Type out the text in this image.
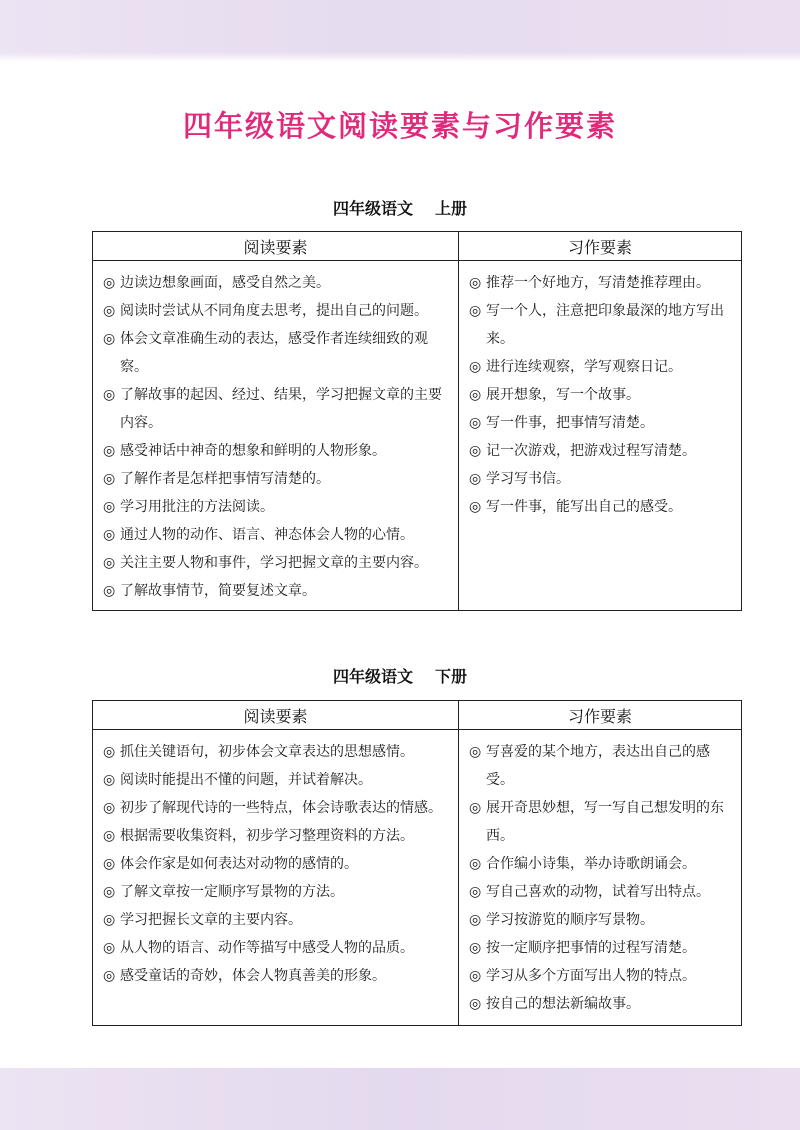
四年级语文阅读要素与习作要素
四年级语文 上册
阅读要素	习作要素
◎ 边读边想象画面，感受自然之美。
◎ 阅读时尝试从不同角度去思考，提出自己的问题。
◎ 体会文章准确生动的表达，感受作者连续细致的观察。
◎ 了解故事的起因、经过、结果，学习把握文章的主要内容。
◎ 感受神话中神奇的想象和鲜明的人物形象。
◎ 了解作者是怎样把事情写清楚的。
◎ 学习用批注的方法阅读。
◎ 通过人物的动作、语言、神态体会人物的心情。
◎ 关注主要人物和事件，学习把握文章的主要内容。
◎ 了解故事情节，简要复述文章。
◎ 推荐一个好地方，写清楚推荐理由。
◎ 写一个人，注意把印象最深的地方写出来。
◎ 进行连续观察，学写观察日记。
◎ 展开想象，写一个故事。
◎ 写一件事，把事情写清楚。
◎ 记一次游戏，把游戏过程写清楚。
◎ 学习写书信。
◎ 写一件事，能写出自己的感受。
四年级语文 下册
阅读要素	习作要素
◎ 抓住关键语句，初步体会文章表达的思想感情。
◎ 阅读时能提出不懂的问题，并试着解决。
◎ 初步了解现代诗的一些特点，体会诗歌表达的情感。
◎ 根据需要收集资料，初步学习整理资料的方法。
◎ 体会作家是如何表达对动物的感情的。
◎ 了解文章按一定顺序写景物的方法。
◎ 学习把握长文章的主要内容。
◎ 从人物的语言、动作等描写中感受人物的品质。
◎ 感受童话的奇妙，体会人物真善美的形象。
◎ 写喜爱的某个地方，表达出自己的感受。
◎ 展开奇思妙想，写一写自己想发明的东西。
◎ 合作编小诗集，举办诗歌朗诵会。
◎ 写自己喜欢的动物，试着写出特点。
◎ 学习按游览的顺序写景物。
◎ 按一定顺序把事情的过程写清楚。
◎ 学习从多个方面写出人物的特点。
◎ 按自己的想法新编故事。
